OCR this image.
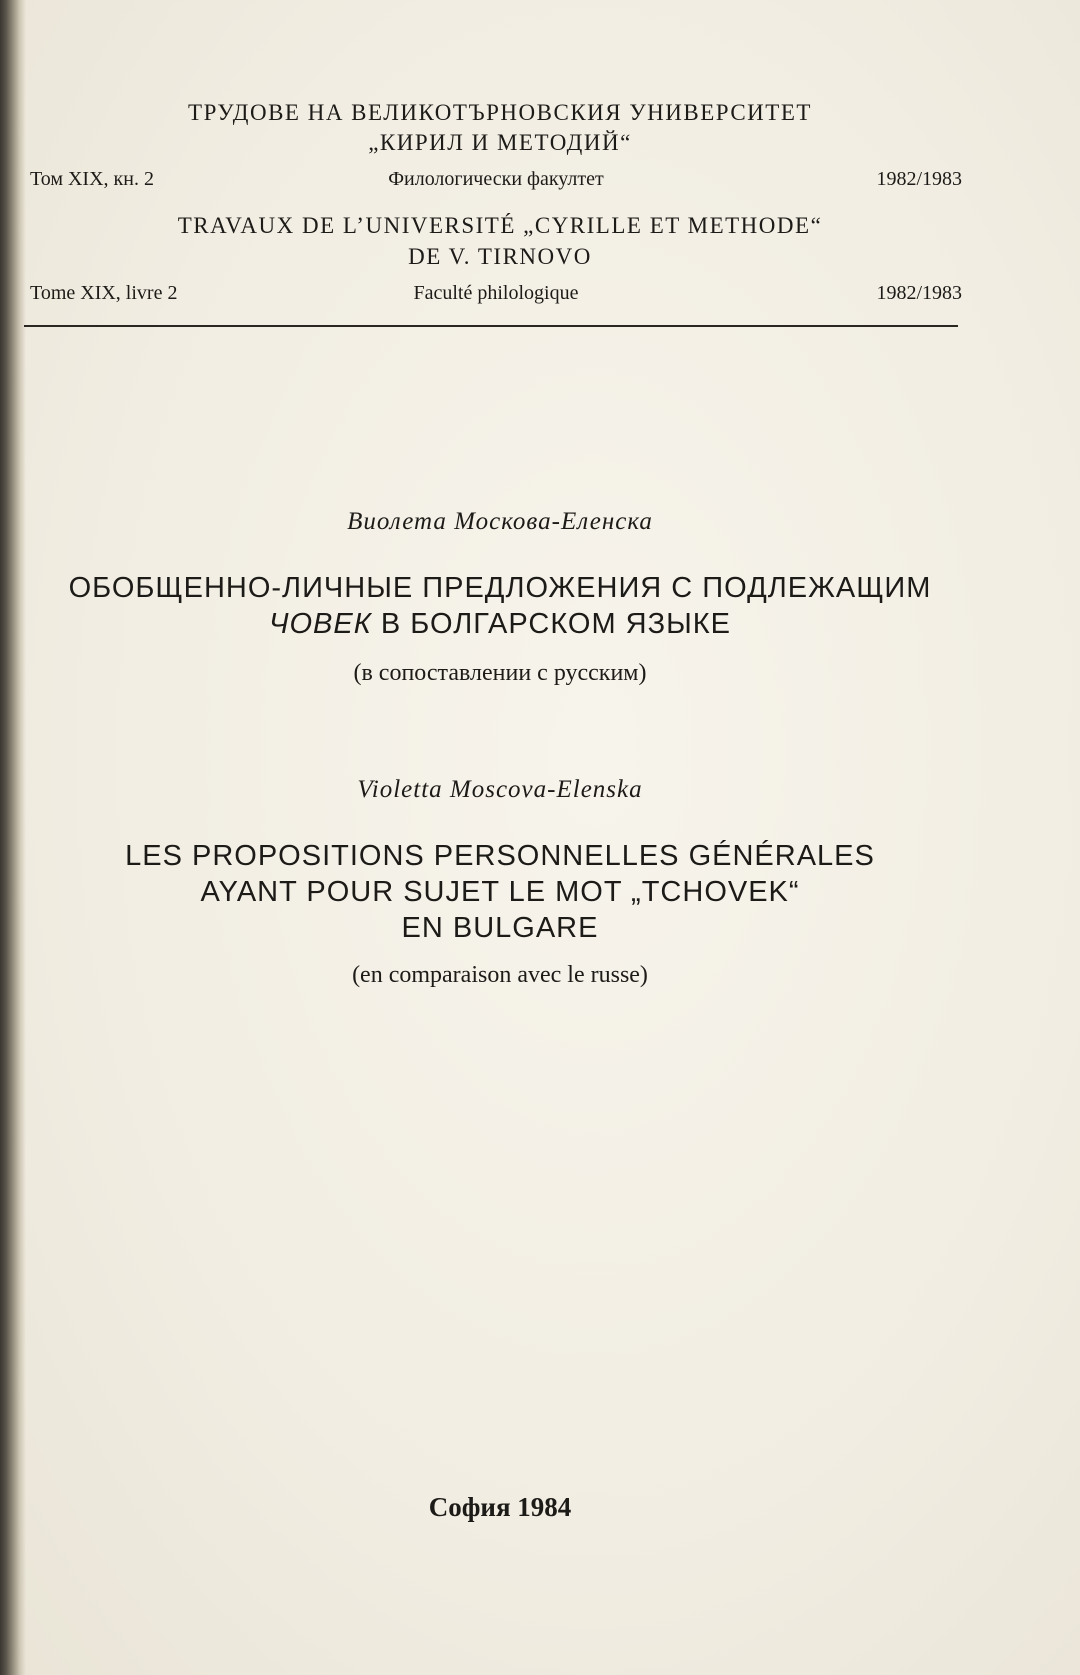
ТРУДОВЕ НА ВЕЛИКОТЪРНОВСКИЯ УНИВЕРСИТЕТ
„КИРИЛ И МЕТОДИЙ“
Том XIX, кн. 2	Филологически факултет	1982/1983
TRAVAUX DE L’UNIVERSITÉ „CYRILLE ET METHODE“
DE V. TIRNOVO
Tome XIX, livre 2	Faculté philologique	1982/1983
Виолета Москова-Еленска
ОБОБЩЕННО-ЛИЧНЫЕ ПРЕДЛОЖЕНИЯ С ПОДЛЕЖАЩИМ
ЧОВЕК В БОЛГАРСКОМ ЯЗЫКЕ
(в сопоставлении с русским)
Violetta Moscova-Elenska
LES PROPOSITIONS PERSONNELLES GÉNÉRALES
AYANT POUR SUJET LE MOT „TCHOVEK“
EN BULGARE
(en comparaison avec le russe)
София 1984
